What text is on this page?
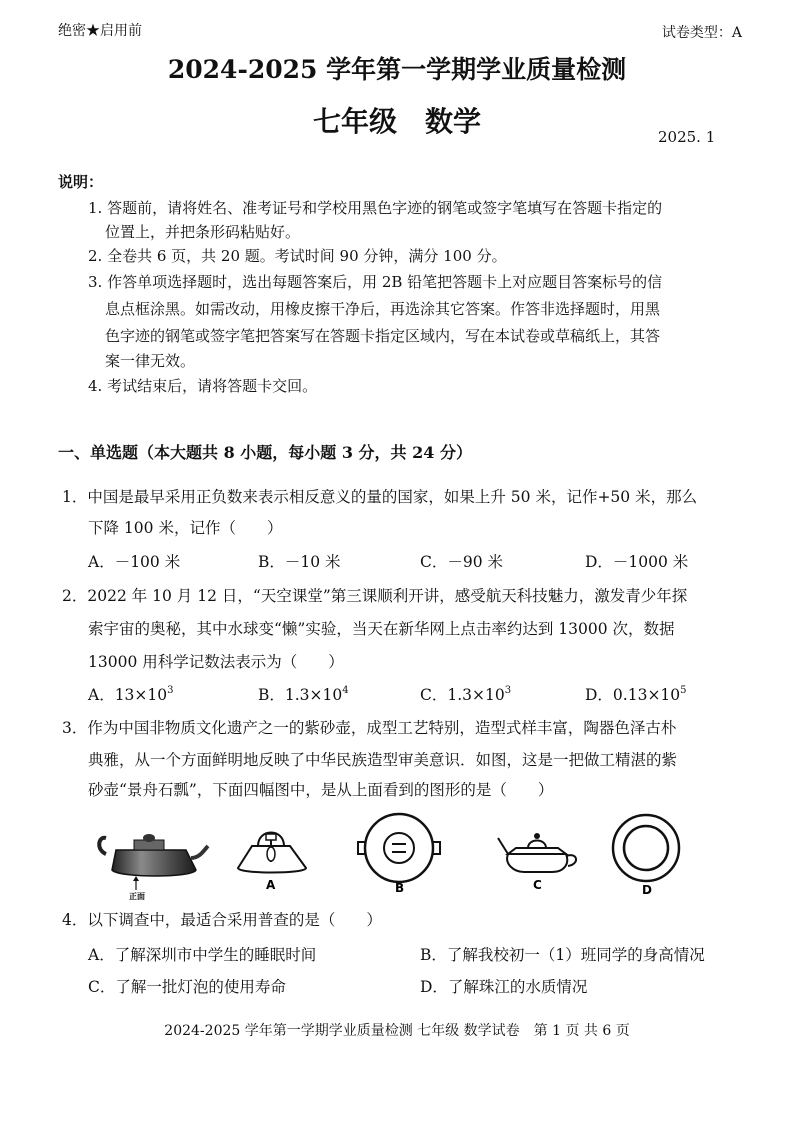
绝密★启用前	试卷类型：A
2024-2025 学年第一学期学业质量检测
七年级　数学	2025. 1
说明：
1. 答题前，请将姓名、准考证号和学校用黑色字迹的钢笔或签字笔填写在答题卡指定的
位置上，并把条形码粘贴好。
2. 全卷共 6 页，共 20 题。考试时间 90 分钟，满分 100 分。
3. 作答单项选择题时，选出每题答案后，用 2B 铅笔把答题卡上对应题目答案标号的信
息点框涂黑。如需改动，用橡皮擦干净后，再选涂其它答案。作答非选择题时，用黑
色字迹的钢笔或签字笔把答案写在答题卡指定区域内，写在本试卷或草稿纸上，其答
案一律无效。
4. 考试结束后，请将答题卡交回。
一、单选题（本大题共 8 小题，每小题 3 分，共 24 分）
1．中国是最早采用正负数来表示相反意义的量的国家，如果上升 50 米，记作+50 米，那么
下降 100 米，记作（　　）
A．－100 米	B．－10 米	C．－90 米	D．－1000 米
2．2022 年 10 月 12 日，“天空课堂”第三课顺利开讲，感受航天科技魅力，激发青少年探
索宇宙的奥秘，其中水球变“懒”实验，当天在新华网上点击率约达到 13000 次，数据
13000 用科学记数法表示为（　　）
A．$13\times 10^3$	B．$1.3\times 10^4$	C．$1.3\times 10^3$	D．$0.13\times 10^5$
3．作为中国非物质文化遗产之一的紫砂壶，成型工艺特别，造型式样丰富，陶器色泽古朴
典雅，从一个方面鲜明地反映了中华民族造型审美意识．如图，这是一把做工精湛的紫
砂壶“景舟石瓢”，下面四幅图中，是从上面看到的图形的是（　　）
正面
A	B	C	D
4．以下调查中，最适合采用普查的是（　　）
A．了解深圳市中学生的睡眠时间	B．了解我校初一（1）班同学的身高情况
C．了解一批灯泡的使用寿命	D．了解珠江的水质情况
2024-2025 学年第一学期学业质量检测 七年级 数学试卷　第 1 页 共 6 页
